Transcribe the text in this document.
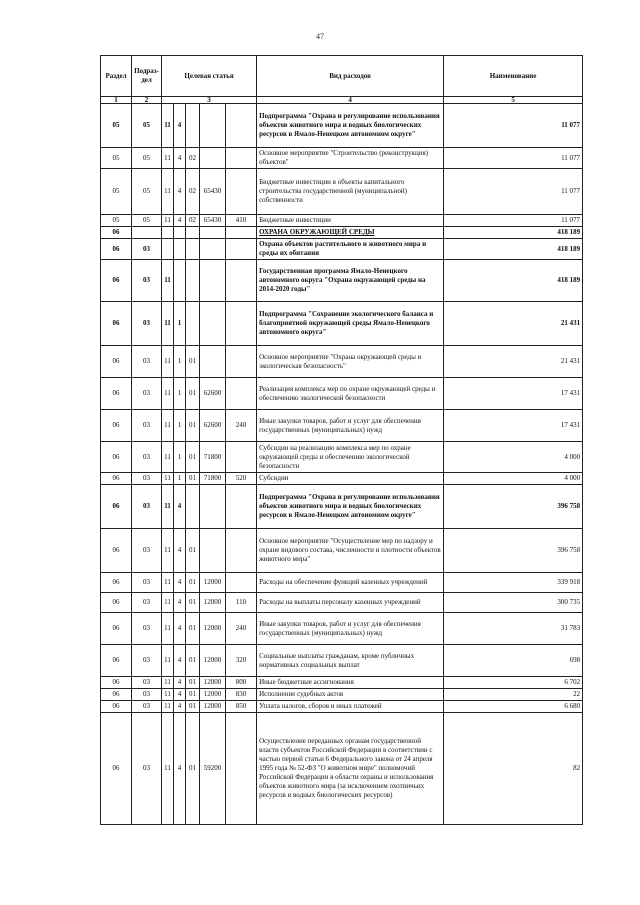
47
Раздел	Подраз-дел	Целевая статья					Вид расходов	Наименование	
1	2	3					4	5	
05	05	11	4				Подпрограмма "Охрана и регулирование использования объектов животного мира и водных биологических ресурсов в Ямало-Ненецком автономном округе"	11 077	
05	05	11	4	02			Основное мероприятие "Строительство (реконструкция) объектов"	11 077	
05	05	11	4	02	65430		Бюджетные инвестиции в объекты капитального строительства государственной (муниципальной) собственности	11 077	
05	05	11	4	02	65430	410	Бюджетные инвестиции	11 077	
06							ОХРАНА ОКРУЖАЮЩЕЙ СРЕДЫ	418 189	
06	03						Охрана объектов растительного и животного мира и среды их обитания	418 189	
06	03	11					Государственная программа Ямало-Ненецкого автономного округа "Охрана окружающей среды на 2014-2020 годы"	418 189	
06	03	11	1				Подпрограмма "Сохранение экологического баланса и благоприятной окружающей среды Ямало-Ненецкого автономного округа"	21 431	
06	03	11	1	01			Основное мероприятие "Охрана окружающей среды и экологическая безопасность"	21 431	
06	03	11	1	01	62600		Реализация комплекса мер по охране окружающей среды и обеспечению экологической безопасности	17 431	
06	03	11	1	01	62600	240	Иные закупки товаров, работ и услуг для обеспечения государственных (муниципальных) нужд	17 431	
06	03	11	1	01	71800		Субсидии на реализацию комплекса мер по охране окружающей среды и обеспечению экологической безопасности	4 000	
06	03	11	1	01	71800	520	Субсидии	4 000	
06	03	11	4				Подпрограмма "Охрана и регулирование использования объектов животного мира и водных биологических ресурсов в Ямало-Ненецком автономном округе"	396 758	
06	03	11	4	01			Основное мероприятие "Осуществление мер по надзору и охране видового состава, численности и плотности объектов животного мира"	396 758	
06	03	11	4	01	12000		Расходы на обеспечение функций казенных учреждений	339 918	
06	03	11	4	01	12000	110	Расходы на выплаты персоналу казенных учреждений	300 735	
06	03	11	4	01	12000	240	Иные закупки товаров, работ и услуг для обеспечения государственных (муниципальных) нужд	31 783	
06	03	11	4	01	12000	320	Социальные выплаты гражданам, кроме публичных нормативных социальных выплат	698	
06	03	11	4	01	12000	800	Иные бюджетные ассигнования	6 702	
06	03	11	4	01	12000	830	Исполнение судебных актов	22	
06	03	11	4	01	12000	850	Уплата налогов, сборов и иных платежей	6 680	
06	03	11	4	01	59200		Осуществление переданных органам государственной власти субъектов Российской Федерации в соответствии с частью первой статьи 6 Федерального закона от 24 апреля 1995 года № 52-ФЗ "О животном мире" полномочий Российской Федерации в области охраны и использования объектов животного мира (за исключением охотничьих ресурсов и водных биологических ресурсов)	82	
